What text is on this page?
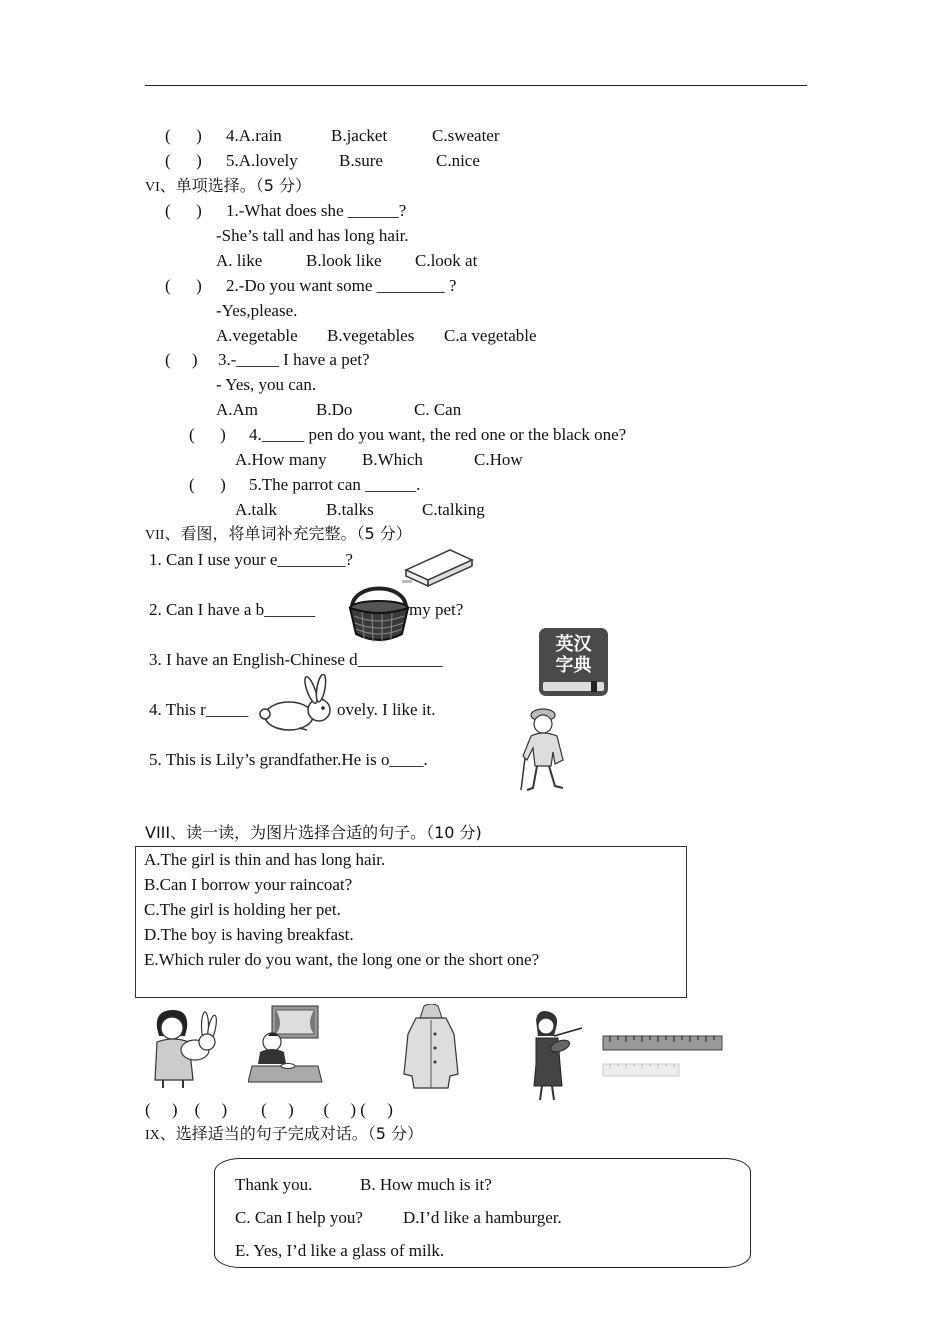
(      ) 4.A.rain	B.jacket	C.sweater
(      ) 5.A.lovely B.sure	C.nice
VI、单项选择。（5 分）
(      ) 1.-What does she ______?
-She’s tall and has long hair.
A. like	B.look like C.look at
(      ) 2.-Do you want some ________ ?
-Yes,please.
A.vegetable B.vegetables C.a vegetable
(     ) 3.-_____ I have a pet?
- Yes, you can.
A.Am	B.Do	C. Can
(      ) 4._____ pen do you want, the red one or the black one?
A.How many B.Which	C.How
(      ) 5.The parrot can ______.
A.talk	B.talks	C.talking
VII、看图，将单词补充完整。（5 分）
1. Can I use your e________?
2. Can I have a b______	my pet?
3. I have an English-Chinese d__________
4. This r_____	ovely. I like it.
5. This is Lily’s grandfather.He is o____.
英汉
字典
VIII、读一读，为图片选择合适的句子。（10 分)
A.The girl is thin and has long hair.
B.Can I borrow your raincoat?
C.The girl is holding her pet.
D.The boy is having breakfast.
E.Which ruler do you want, the long one or the short one?
(     )    (     )        (     )       (     ) (     )
IX、选择适当的句子完成对话。（5 分）
Thank you.	B. How much is it?
C. Can I help you? D.I’d like a hamburger.
E. Yes, I’d like a glass of milk.
